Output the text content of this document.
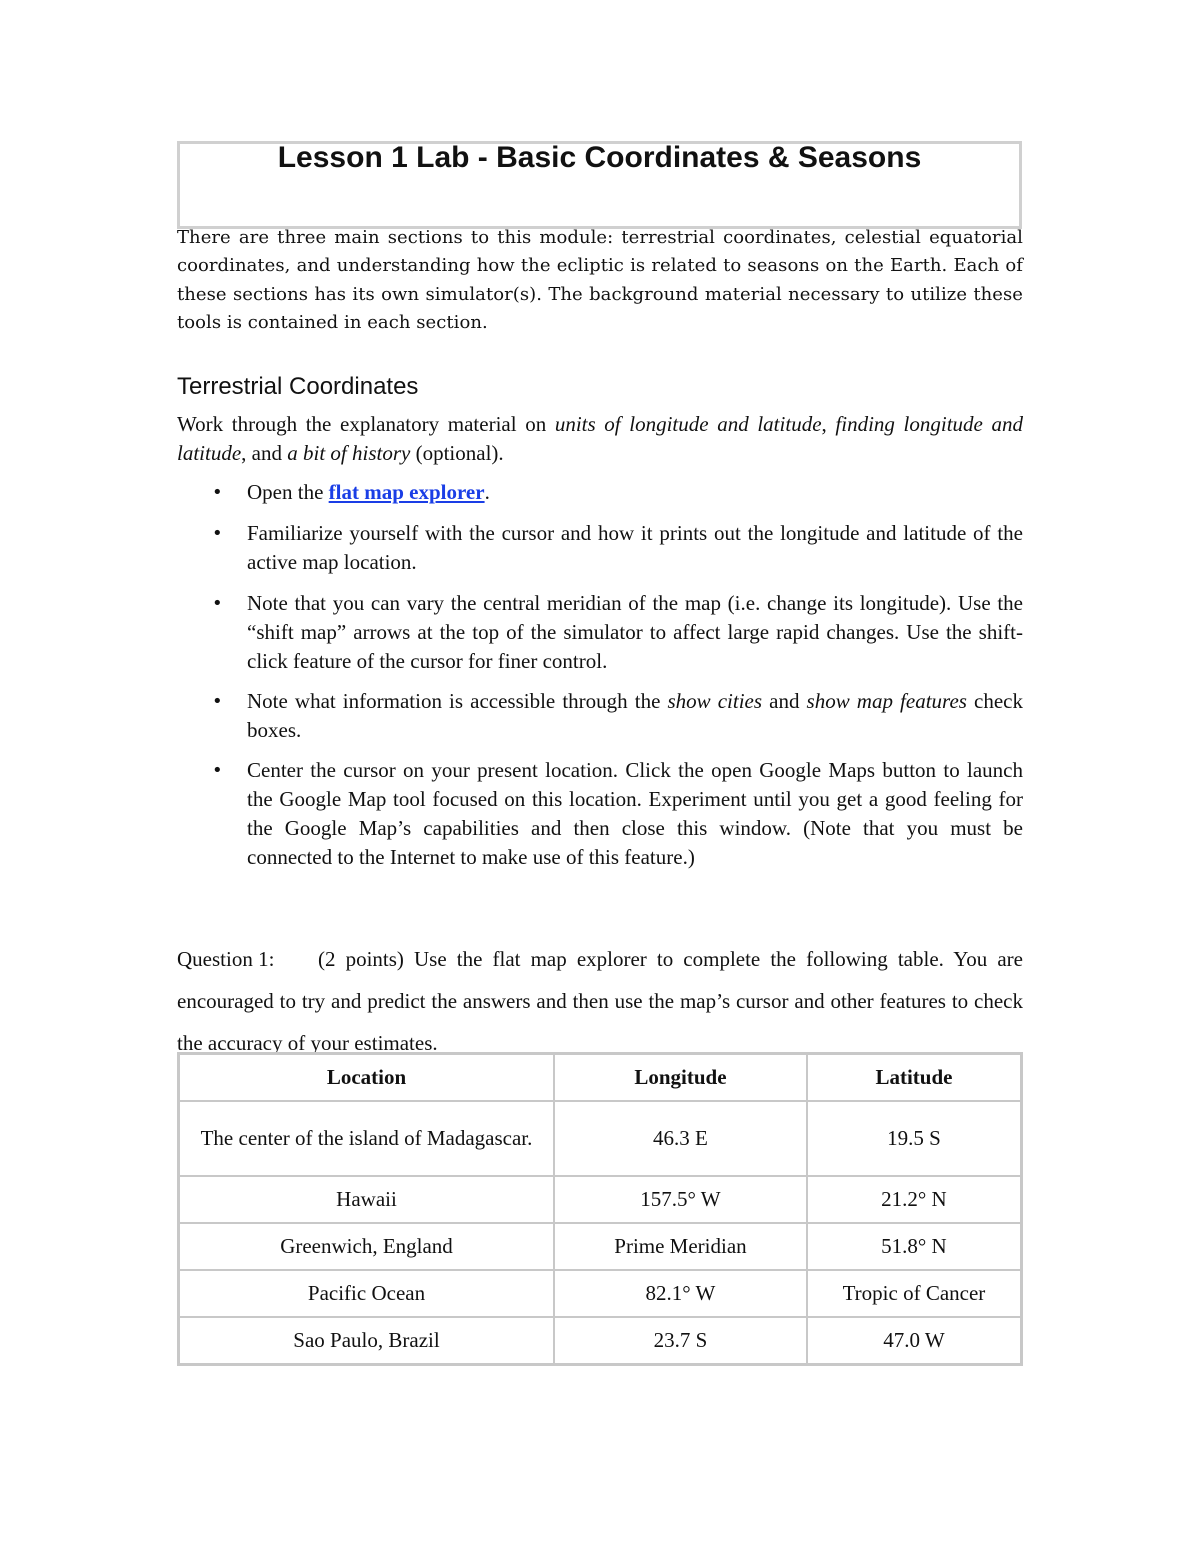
Lesson 1 Lab - Basic Coordinates & Seasons

There are three main sections to this module: terrestrial coordinates, celestial equatorial coordinates, and understanding how the ecliptic is related to seasons on the Earth. Each of these sections has its own simulator(s). The background material necessary to utilize these tools is contained in each section.

Terrestrial Coordinates

Work through the explanatory material on units of longitude and latitude, finding longitude and latitude, and a bit of history (optional).

• Open the flat map explorer.
• Familiarize yourself with the cursor and how it prints out the longitude and latitude of the active map location.
• Note that you can vary the central meridian of the map (i.e. change its longitude). Use the “shift map” arrows at the top of the simulator to affect large rapid changes. Use the shift-click feature of the cursor for finer control.
• Note what information is accessible through the show cities and show map features check boxes.
• Center the cursor on your present location. Click the open Google Maps button to launch the Google Map tool focused on this location. Experiment until you get a good feeling for the Google Map’s capabilities and then close this window. (Note that you must be connected to the Internet to make use of this feature.)

Question 1: (2 points) Use the flat map explorer to complete the following table. You are encouraged to try and predict the answers and then use the map’s cursor and other features to check the accuracy of your estimates.

Location	Longitude	Latitude
The center of the island of Madagascar.	46.3 E	19.5 S
Hawaii	157.5° W	21.2° N
Greenwich, England	Prime Meridian	51.8° N
Pacific Ocean	82.1° W	Tropic of Cancer
Sao Paulo, Brazil	23.7 S	47.0 W
